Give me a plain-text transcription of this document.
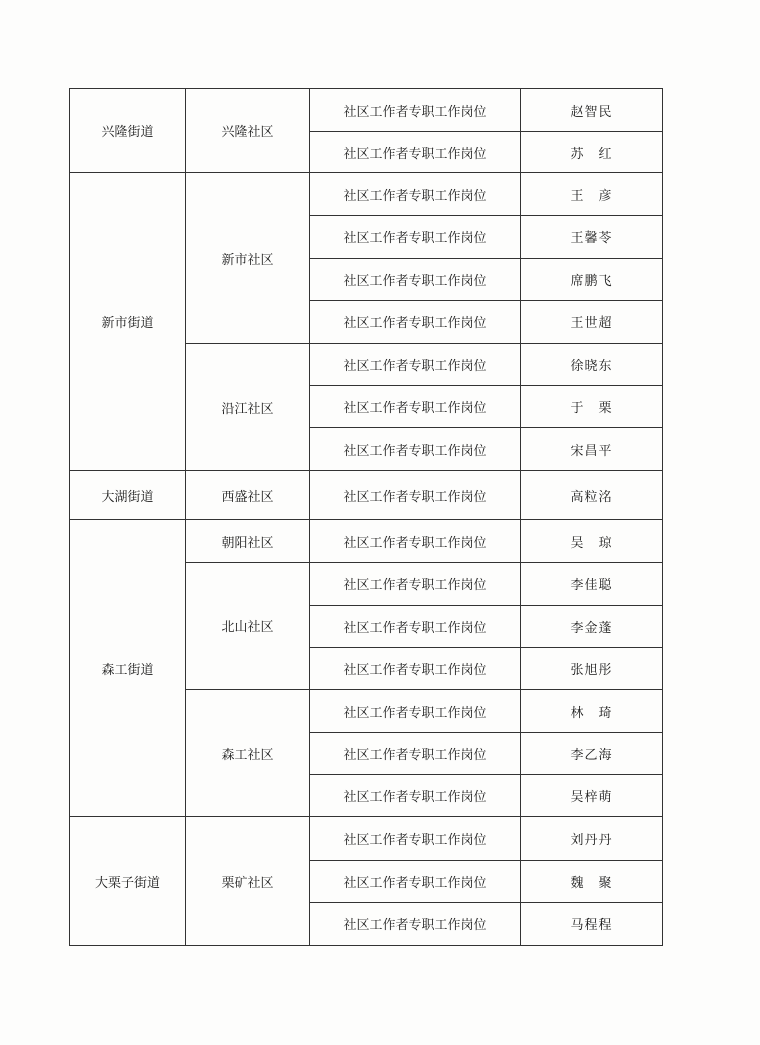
兴隆街道	兴隆社区	社区工作者专职工作岗位	赵智民
		社区工作者专职工作岗位	苏　红
新市街道	新市社区	社区工作者专职工作岗位	王　彦
		社区工作者专职工作岗位	王馨苓
		社区工作者专职工作岗位	席鹏飞
		社区工作者专职工作岗位	王世超
	沿江社区	社区工作者专职工作岗位	徐晓东
		社区工作者专职工作岗位	于　栗
		社区工作者专职工作岗位	宋昌平
大湖街道	西盛社区	社区工作者专职工作岗位	高粒洺
森工街道	朝阳社区	社区工作者专职工作岗位	吴　琼
	北山社区	社区工作者专职工作岗位	李佳聪
		社区工作者专职工作岗位	李金蓬
		社区工作者专职工作岗位	张旭彤
	森工社区	社区工作者专职工作岗位	林　琦
		社区工作者专职工作岗位	李乙海
		社区工作者专职工作岗位	吴梓萌
大栗子街道	栗矿社区	社区工作者专职工作岗位	刘丹丹
		社区工作者专职工作岗位	魏　聚
		社区工作者专职工作岗位	马程程
